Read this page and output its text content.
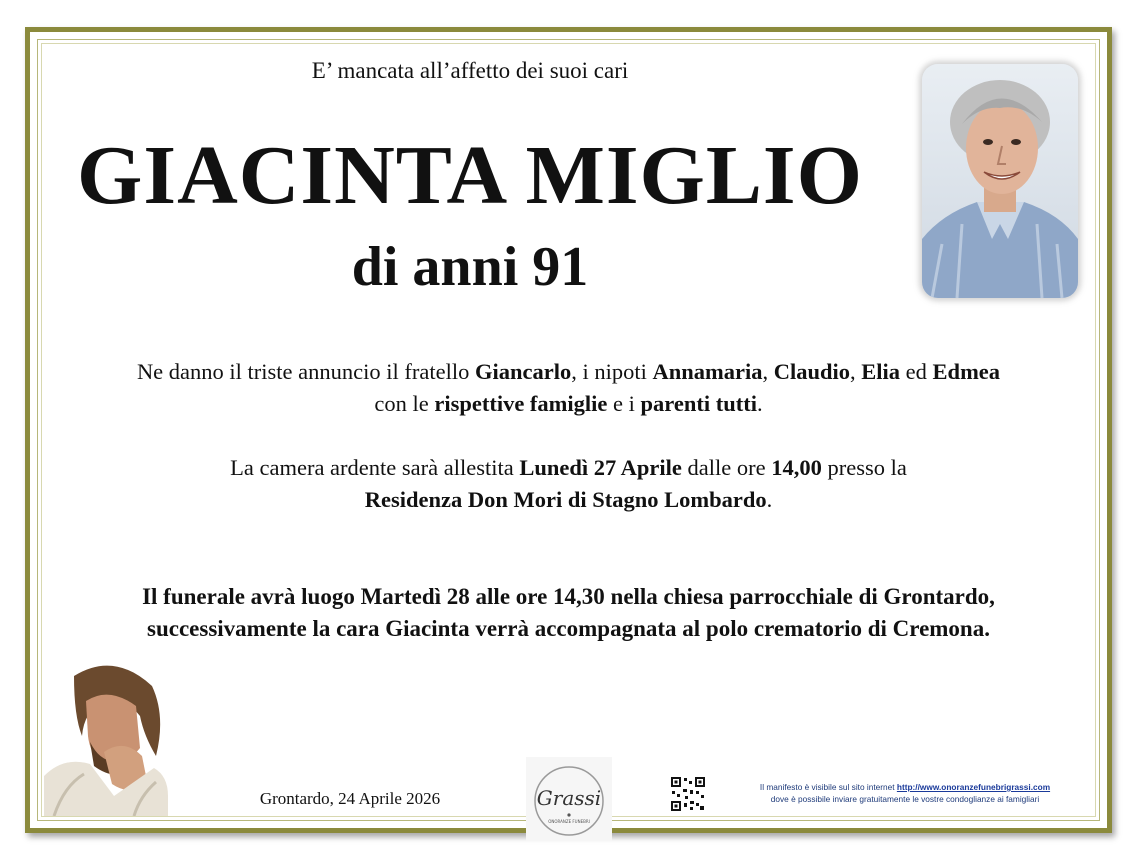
E’ mancata all’affetto dei suoi cari
GIACINTA MIGLIO
di anni 91
Ne danno il triste annuncio il fratello Giancarlo, i nipoti Annamaria, Claudio, Elia ed Edmea
con le rispettive famiglie e i parenti tutti.
La camera ardente sarà allestita Lunedì 27 Aprile dalle ore 14,00 presso la
Residenza Don Mori di Stagno Lombardo.
Il funerale avrà luogo Martedì 28 alle ore 14,30 nella chiesa parrocchiale di Grontardo,
successivamente la cara Giacinta verrà accompagnata al polo crematorio di Cremona.
Grontardo, 24 Aprile 2026	Grassi
ONORANZE FUNEBRI
Il manifesto è visibile sul sito internet http://www.onoranzefunebrigrassi.com
dove è possibile inviare gratuitamente le vostre condoglianze ai famigliari
